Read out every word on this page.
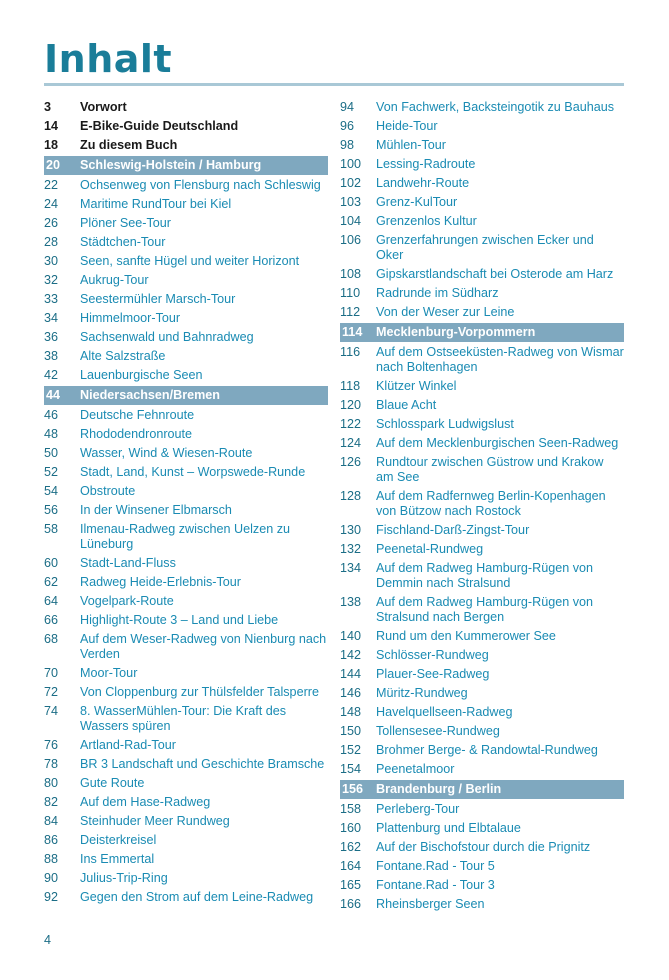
Inhalt
3	Vorwort
14	E-Bike-Guide Deutschland
18	Zu diesem Buch
20	Schleswig-Holstein / Hamburg
22	Ochsenweg von Flensburg nach Schleswig
24	Maritime RundTour bei Kiel
26	Plöner See-Tour
28	Städtchen-Tour
30	Seen, sanfte Hügel und weiter Horizont
32	Aukrug-Tour
33	Seestermühler Marsch-Tour
34	Himmelmoor-Tour
36	Sachsenwald und Bahnradweg
38	Alte Salzstraße
42	Lauenburgische Seen
44	Niedersachsen/Bremen
46	Deutsche Fehnroute
48	Rhododendronroute
50	Wasser, Wind & Wiesen-Route
52	Stadt, Land, Kunst – Worpswede-Runde
54	Obstroute
56	In der Winsener Elbmarsch
58	Ilmenau-Radweg zwischen Uelzen zu Lüneburg
60	Stadt-Land-Fluss
62	Radweg Heide-Erlebnis-Tour
64	Vogelpark-Route
66	Highlight-Route 3 – Land und Liebe
68	Auf dem Weser-Radweg von Nienburg nach Verden
70	Moor-Tour
72	Von Cloppenburg zur Thülsfelder Talsperre
74	8. WasserMühlen-Tour: Die Kraft des Wassers spüren
76	Artland-Rad-Tour
78	BR 3 Landschaft und Geschichte Bramsche
80	Gute Route
82	Auf dem Hase-Radweg
84	Steinhuder Meer Rundweg
86	Deisterkreisel
88	Ins Emmertal
90	Julius-Trip-Ring
92	Gegen den Strom auf dem Leine-Radweg
94	Von Fachwerk, Backsteingotik zu Bauhaus
96	Heide-Tour
98	Mühlen-Tour
100	Lessing-Radroute
102	Landwehr-Route
103	Grenz-KulTour
104	Grenzenlos Kultur
106	Grenzerfahrungen zwischen Ecker und Oker
108	Gipskarstlandschaft bei Osterode am Harz
110	Radrunde im Südharz
112	Von der Weser zur Leine
114	Mecklenburg-Vorpommern
116	Auf dem Ostseeküsten-Radweg von Wismar nach Boltenhagen
118	Klützer Winkel
120	Blaue Acht
122	Schlosspark Ludwigslust
124	Auf dem Mecklenburgischen Seen-Radweg
126	Rundtour zwischen Güstrow und Krakow am See
128	Auf dem Radfernweg Berlin-Kopenhagen von Bützow nach Rostock
130	Fischland-Darß-Zingst-Tour
132	Peenetal-Rundweg
134	Auf dem Radweg Hamburg-Rügen von Demmin nach Stralsund
138	Auf dem Radweg Hamburg-Rügen von Stralsund nach Bergen
140	Rund um den Kummerower See
142	Schlösser-Rundweg
144	Plauer-See-Radweg
146	Müritz-Rundweg
148	Havelquellseen-Radweg
150	Tollensesee-Rundweg
152	Brohmer Berge- & Randowtal-Rundweg
154	Peenetalmoor
156	Brandenburg / Berlin
158	Perleberg-Tour
160	Plattenburg und Elbtalaue
162	Auf der Bischofstour durch die Prignitz
164	Fontane.Rad - Tour 5
165	Fontane.Rad - Tour 3
166	Rheinsberger Seen
4
